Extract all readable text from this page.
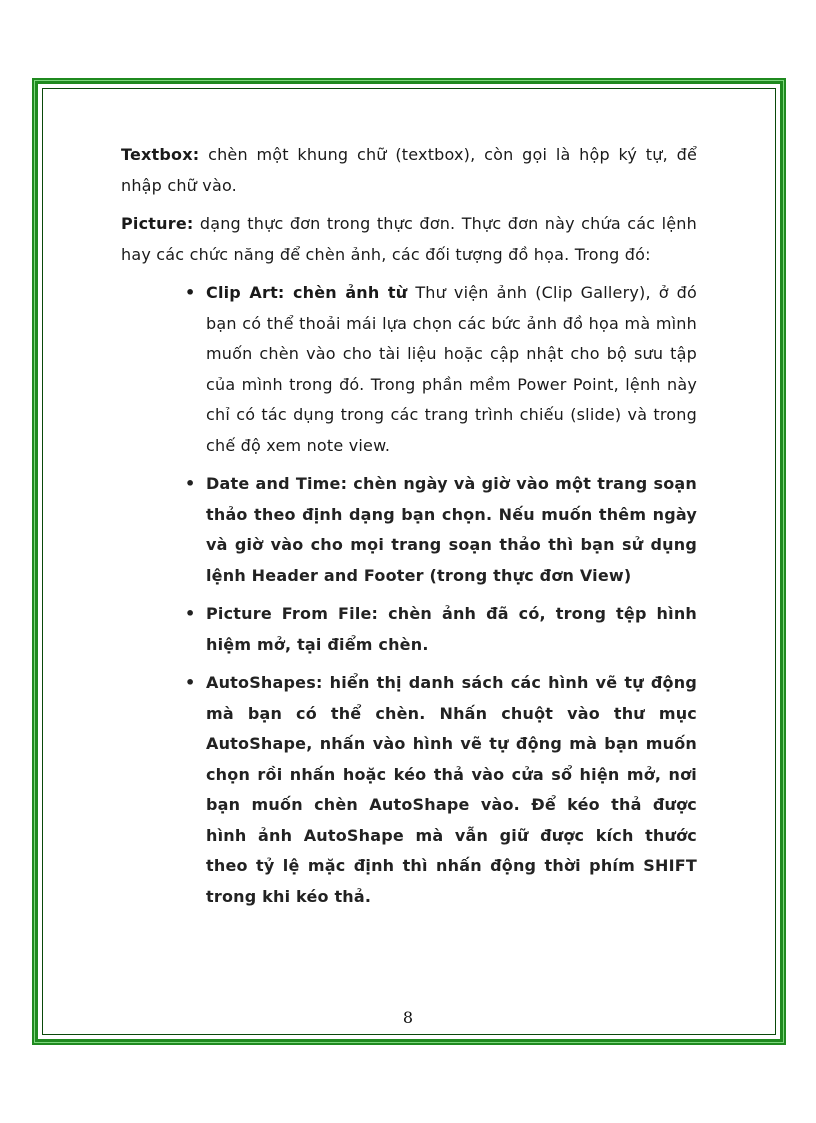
Textbox: chèn một khung chữ (textbox), còn gọi là hộp ký tự, để nhập chữ vào.

Picture: dạng thực đơn trong thực đơn. Thực đơn này chứa các lệnh hay các chức năng để chèn ảnh, các đối tượng đồ họa. Trong đó:

• Clip Art: chèn ảnh từ Thư viện ảnh (Clip Gallery), ở đó bạn có thể thoải mái lựa chọn các bức ảnh đồ họa mà mình muốn chèn vào cho tài liệu hoặc cập nhật cho bộ sưu tập của mình trong đó. Trong phần mềm Power Point, lệnh này chỉ có tác dụng trong các trang trình chiếu (slide) và trong chế độ xem note view.
• Date and Time: chèn ngày và giờ vào một trang soạn thảo theo định dạng bạn chọn. Nếu muốn thêm ngày và giờ vào cho mọi trang soạn thảo thì bạn sử dụng lệnh Header and Footer (trong thực đơn View)
• Picture From File: chèn ảnh đã có, trong tệp hình hiệm mở, tại điểm chèn.
• AutoShapes: hiển thị danh sách các hình vẽ tự động mà bạn có thể chèn. Nhấn chuột vào thư mục AutoShape, nhấn vào hình vẽ tự động mà bạn muốn chọn rồi nhấn hoặc kéo thả vào cửa sổ hiện mở, nơi bạn muốn chèn AutoShape vào. Để kéo thả được hình ảnh AutoShape mà vẫn giữ được kích thước theo tỷ lệ mặc định thì nhấn động thời phím SHIFT trong khi kéo thả.
8
